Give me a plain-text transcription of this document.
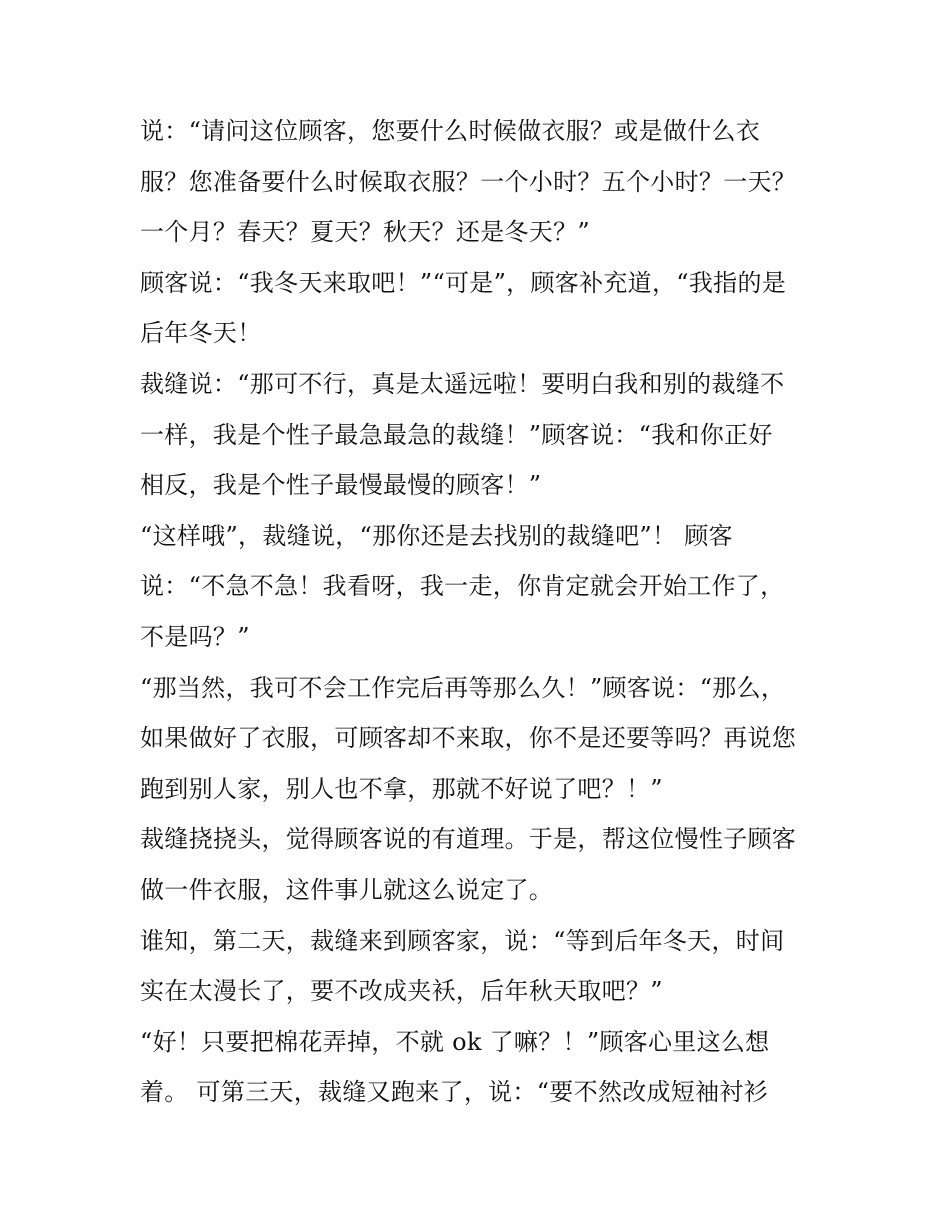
说：“请问这位顾客，您要什么时候做衣服？或是做什么衣
服？您准备要什么时候取衣服？一个小时？五个小时？一天？
一个月？春天？夏天？秋天？还是冬天？”
顾客说：“我冬天来取吧！”“可是”，顾客补充道，“我指的是
后年冬天！
裁缝说：“那可不行，真是太遥远啦！要明白我和别的裁缝不
一样，我是个性子最急最急的裁缝！”顾客说：“我和你正好
相反，我是个性子最慢最慢的顾客！”
“这样哦”，裁缝说，“那你还是去找别的裁缝吧”！ 顾客
说：“不急不急！我看呀，我一走，你肯定就会开始工作了，
不是吗？”
“那当然，我可不会工作完后再等那么久！”顾客说：“那么，
如果做好了衣服，可顾客却不来取，你不是还要等吗？再说您
跑到别人家，别人也不拿，那就不好说了吧？！”
裁缝挠挠头，觉得顾客说的有道理。于是，帮这位慢性子顾客
做一件衣服，这件事儿就这么说定了。
谁知，第二天，裁缝来到顾客家，说：“等到后年冬天，时间
实在太漫长了，要不改成夹袄，后年秋天取吧？”
“好！只要把棉花弄掉，不就 ok 了嘛？！”顾客心里这么想
着。 可第三天，裁缝又跑来了，说：“要不然改成短袖衬衫
